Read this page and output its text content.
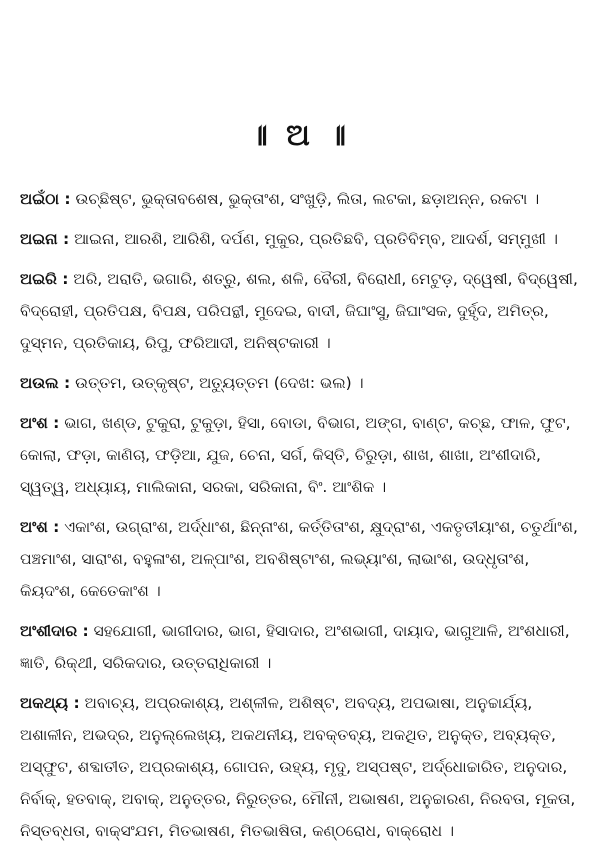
॥ ଅ ॥
ଅଇଁଠା : ଉଚ୍ଛିଷ୍ଟ, ଭୁକ୍ତାବଶେଷ, ଭୁକ୍ତାଂଶ, ସଂଖୁଡ଼ି, ଲିତା, ଲଟକା, ଛଡ଼ାଅନ୍ନ, ରକଟା ।
ଅଇନା : ଆଇନା, ଆରଶି, ଆରିଶି, ଦର୍ପଣ, ମୁକୁର, ପ୍ରତିଛବି, ପ୍ରତିବିମ୍ବ, ଆଦର୍ଶ, ସମ୍ମୁଖୀ ।
ଅଇରି : ଅରି, ଅରାତି, ଭଗାରି, ଶତ୍ରୁ, ଶଲ, ଶଳି, ବୈରୀ, ବିରୋଧୀ, ମେଟୁଡ଼, ଦ୍ୱେଷୀ, ବିଦ୍ୱେଷୀ, ବିଦ୍ରୋହୀ, ପ୍ରତିପକ୍ଷ, ବିପକ୍ଷ, ପରିପନ୍ଥୀ, ମୁଦେଇ, ବାଦୀ, ଜିଘାଂସୁ, ଜିଘାଂସକ, ଦୁର୍ହୃଦ, ଅମିତ୍ର, ଦୁସ୍‌ମନ, ପ୍ରତିକାୟ, ରିପୁ, ଫରିଆଦୀ, ଅନିଷ୍ଟକାରୀ ।
ଅଉଲ : ଉତ୍ତମ, ଉତ୍କୃଷ୍ଟ, ଅତ୍ୟୁତ୍ତମ (ଦେଖ: ଭଲ) ।
ଅଂଶ : ଭାଗ, ଖଣ୍ଡ, ଟୁକୁରା, ଟୁକୁଡ଼ା, ହିସା, ବୋଡା, ବିଭାଗ, ଅଙ୍ଗ, ବାଣ୍ଟ, କଚ୍ଛ, ଫାଳ, ଫୁଟ, କୋଲା, ଫଡ଼ା, କାଣିଚା, ଫଡ଼ିଆ, ଯୁଜ, ଚେନା, ସର୍ଗ, କିସ୍ତି, ଚିରୁଡ଼ା, ଶାଖ, ଶାଖା, ଅଂଶୀଦାରି, ସ୍ୱତ୍ୱ, ଅଧ୍ୟାୟ, ମାଲିକାନା, ସରକା, ସରିକାନା, ବିଂ. ଆଂଶିକ ।
ଅଂଶ : ଏକାଂଶ, ଉଗ୍ରାଂଶ, ଅର୍ଦ୍ଧାଂଶ, ଛିନ୍ନାଂଶ, କର୍ତ୍ତିତାଂଶ, କ୍ଷୁଦ୍ରାଂଶ, ଏକତୃତୀୟାଂଶ, ଚତୁର୍ଥାଂଶ, ପଞ୍ଚମାଂଶ, ସାରାଂଶ, ବହୁଳାଂଶ, ଅଳ୍ପାଂଶ, ଅବଶିଷ୍ଟାଂଶ, ଲଭ୍ୟାଂଶ, ଲାଭାଂଶ, ଉଦ୍ଧୃତାଂଶ, କିୟଦଂଶ, କେତେକାଂଶ ।
ଅଂଶୀଦାର : ସହଯୋଗୀ, ଭାଗୀଦାର, ଭାଗ, ହିସାଦାର, ଅଂଶଭାଗୀ, ଦାୟାଦ, ଭାଗୁଆଳି, ଅଂଶଧାରୀ, ଜ୍ଞାତି, ରିକ୍‌ଥୀ, ସରିକଦାର, ଉତ୍ତରାଧିକାରୀ ।
ଅକଥ୍ୟ : ଅବାଚ୍ୟ, ଅପ୍ରକାଶ୍ୟ, ଅଶ୍ଳୀଳ, ଅଶିଷ୍ଟ, ଅବଦ୍ୟ, ଅପଭାଷା, ଅନୁଚ୍ଚାର୍ଯ୍ୟ, ଅଶାଳୀନ, ଅଭଦ୍ର, ଅନୁଲ୍ଲେଖ୍ୟ, ଅକଥନୀୟ, ଅବକ୍ତବ୍ୟ, ଅକଥିତ, ଅନୁକ୍ତ, ଅବ୍ୟକ୍ତ, ଅସ୍ଫୁଟ, ଶବ୍ଦାତୀତ, ଅପ୍ରକାଶ୍ୟ, ଗୋପନ, ଉହ୍ୟ, ମୃଦୁ, ଅସ୍ପଷ୍ଟ, ଅର୍ଦ୍ଧୋଚ୍ଚାରିତ, ଅନୁଦାର, ନିର୍ବାକ୍, ହତବାକ୍, ଅବାକ୍, ଅନୁତ୍ତର, ନିରୁତ୍ତର, ମୌନୀ, ଅଭାଷଣ, ଅନୁଚ୍ଚାରଣ, ନିରବତା, ମୂକତା, ନିସ୍ତବ୍ଧତା, ବାକ୍‌ସଂଯମ, ମିତଭାଷଣ, ମିତଭାଷିତା, କଣ୍ଠରୋଧ, ବାକ୍‌ରୋଧ ।
